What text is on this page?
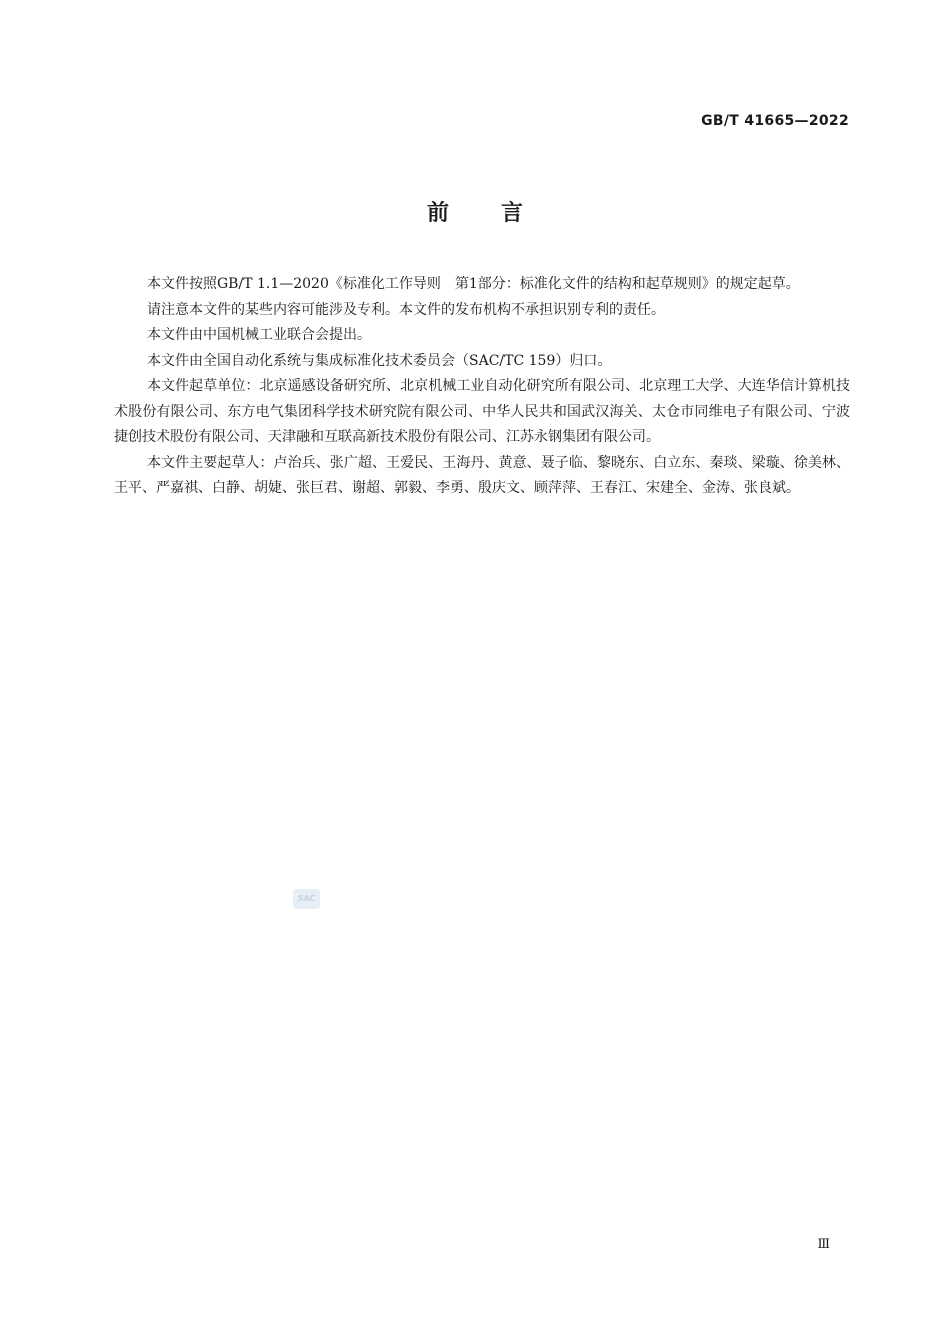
GB/T 41665—2022
前言

本文件按照GB/T 1.1—2020《标准化工作导则　第1部分：标准化文件的结构和起草规则》的规定起草。

请注意本文件的某些内容可能涉及专利。本文件的发布机构不承担识别专利的责任。

本文件由中国机械工业联合会提出。

本文件由全国自动化系统与集成标准化技术委员会（SAC/TC 159）归口。

本文件起草单位：北京遥感设备研究所、北京机械工业自动化研究所有限公司、北京理工大学、大连华信计算机技术股份有限公司、东方电气集团科学技术研究院有限公司、中华人民共和国武汉海关、太仓市同维电子有限公司、宁波捷创技术股份有限公司、天津融和互联高新技术股份有限公司、江苏永钢集团有限公司。

本文件主要起草人：卢治兵、张广超、王爱民、王海丹、黄意、聂子临、黎晓东、白立东、秦琰、梁璇、徐美林、王平、严嘉祺、白静、胡婕、张巨君、谢超、郭毅、李勇、殷庆文、顾萍萍、王春江、宋建全、金涛、张良斌。

SAC
Ⅲ
